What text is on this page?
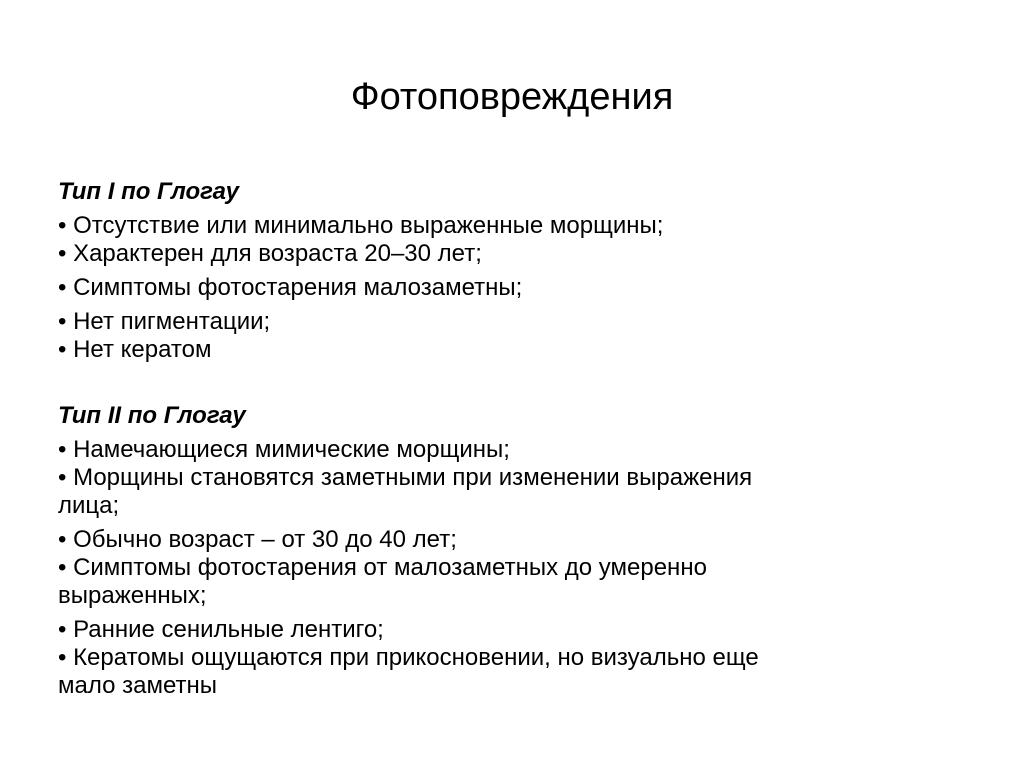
Фотоповреждения

Тип I по Глогау

• Отсутствие или минимально выраженные морщины;
• Характерен для возраста 20–30 лет;

• Симптомы фотостарения малозаметны;

• Нет пигментации;
• Нет кератом

Тип II по Глогау

• Намечающиеся мимические морщины;
• Морщины становятся заметными при изменении выражения
лица;

• Обычно возраст – от 30 до 40 лет;
• Симптомы фотостарения от малозаметных до умеренно
выраженных;

• Ранние сенильные лентиго;
• Кератомы ощущаются при прикосновении, но визуально еще
мало заметны
